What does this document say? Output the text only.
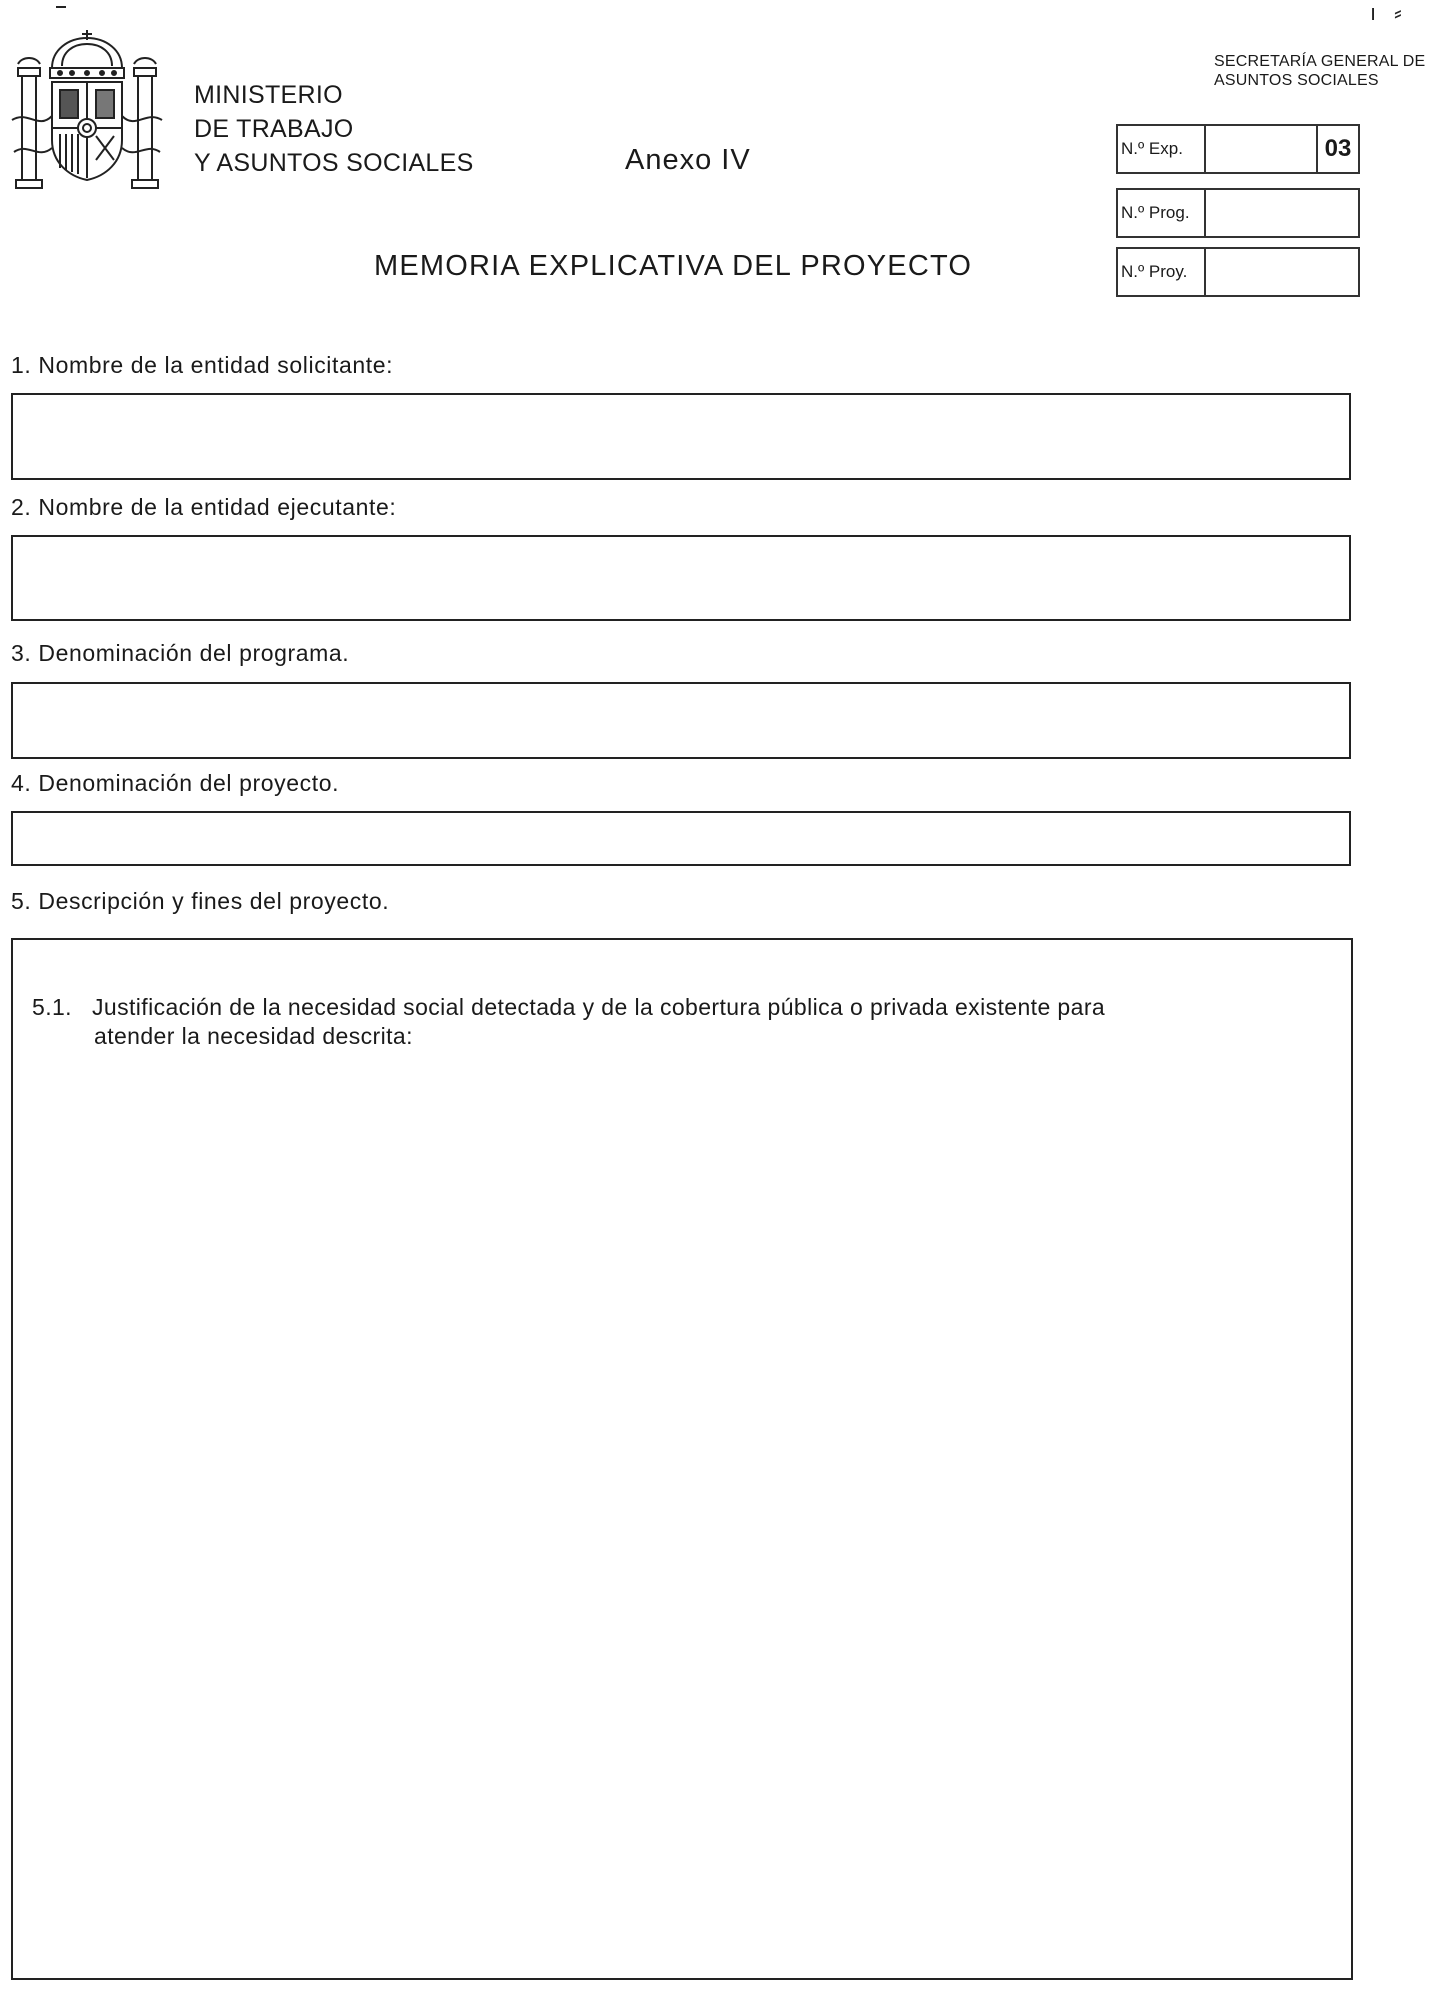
ı ⸗
MINISTERIO
DE TRABAJO
Y ASUNTOS SOCIALES	Anexo IV
MEMORIA EXPLICATIVA DEL PROYECTO
SECRETARÍA GENERAL DE
ASUNTOS SOCIALES
N.º Exp.	03
N.º Prog.
N.º Proy.
1. Nombre de la entidad solicitante:
2. Nombre de la entidad ejecutante:
3. Denominación del programa.
4. Denominación del proyecto.
5. Descripción y fines del proyecto.
5.1. Justificación de la necesidad social detectada y de la cobertura pública o privada existente para
atender la necesidad descrita:
